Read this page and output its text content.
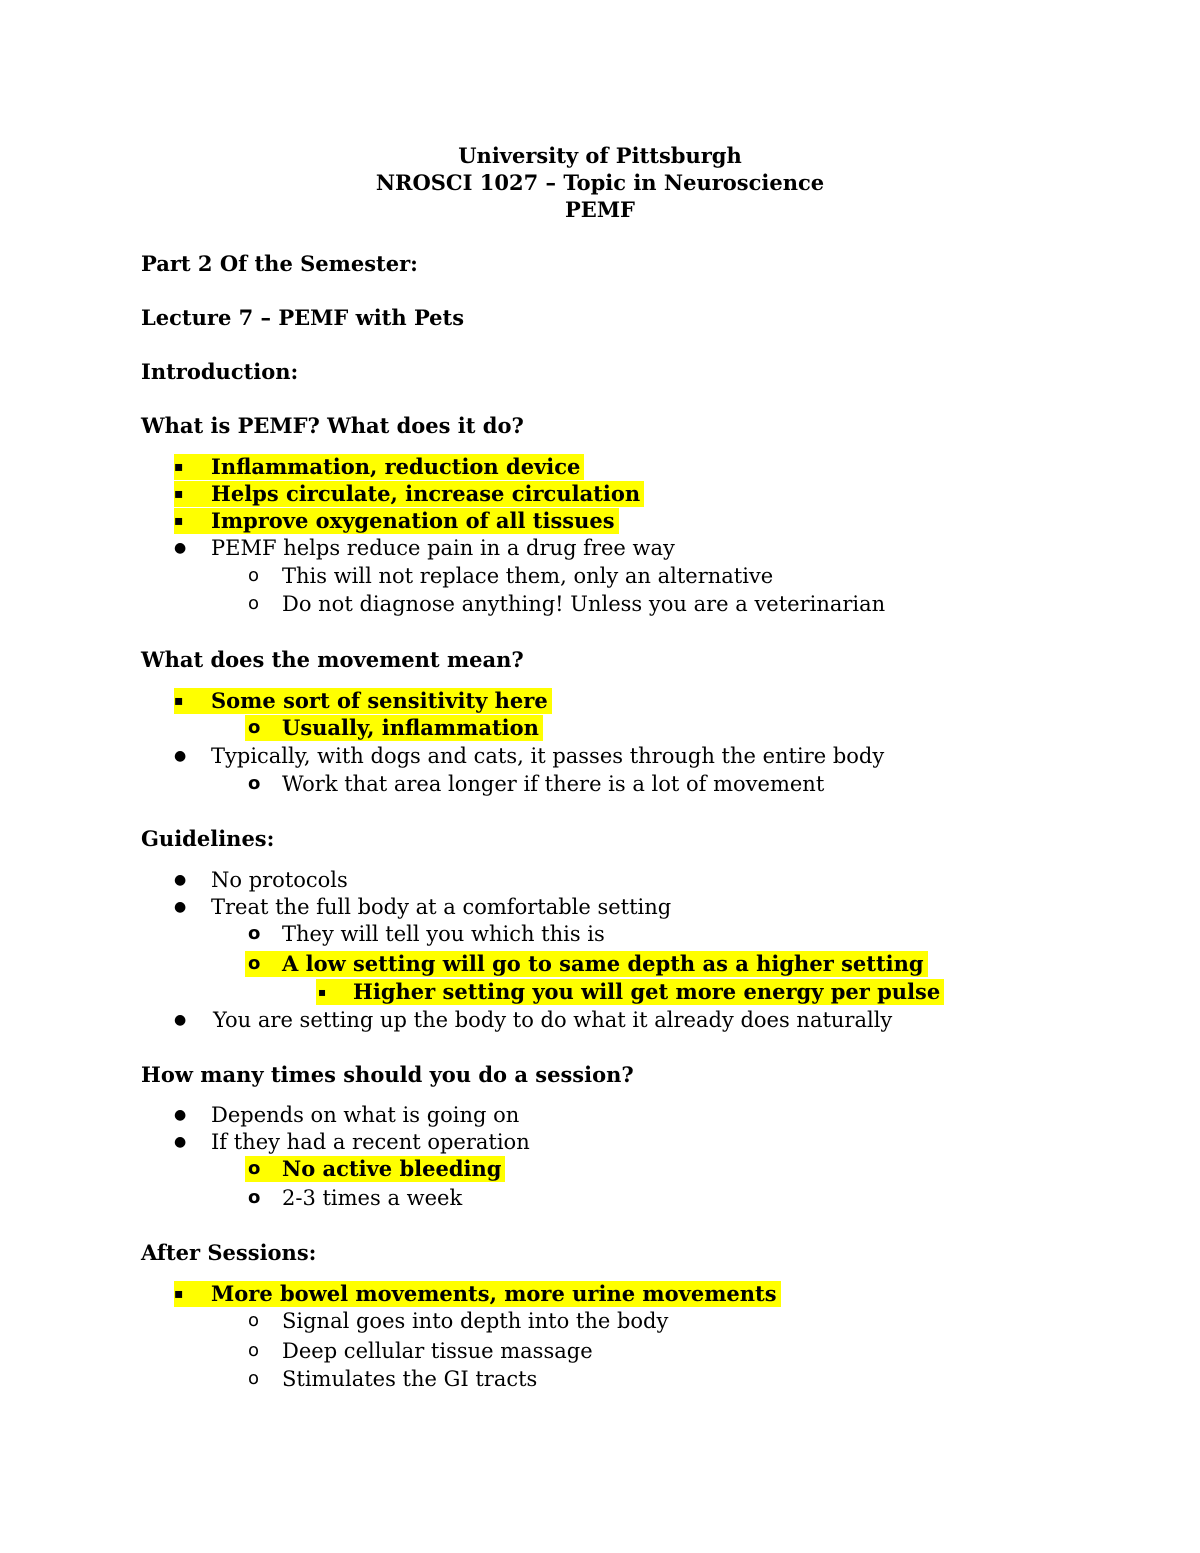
University of Pittsburgh
NROSCI 1027 – Topic in Neuroscience
PEMF
Part 2 Of the Semester:
Lecture 7 – PEMF with Pets
Introduction:
What is PEMF? What does it do?
▪ Inflammation, reduction device
▪ Helps circulate, increase circulation
▪ Improve oxygenation of all tissues
● PEMF helps reduce pain in a drug free way
o This will not replace them, only an alternative
o Do not diagnose anything! Unless you are a veterinarian
What does the movement mean?
▪ Some sort of sensitivity here
o Usually, inflammation
● Typically, with dogs and cats, it passes through the entire body
o Work that area longer if there is a lot of movement
Guidelines:
● No protocols
● Treat the full body at a comfortable setting
o They will tell you which this is
o A low setting will go to same depth as a higher setting
▪ Higher setting you will get more energy per pulse
● You are setting up the body to do what it already does naturally
How many times should you do a session?
● Depends on what is going on
● If they had a recent operation
o No active bleeding
o 2-3 times a week
After Sessions:
▪ More bowel movements, more urine movements
o Signal goes into depth into the body
o Deep cellular tissue massage
o Stimulates the GI tracts
